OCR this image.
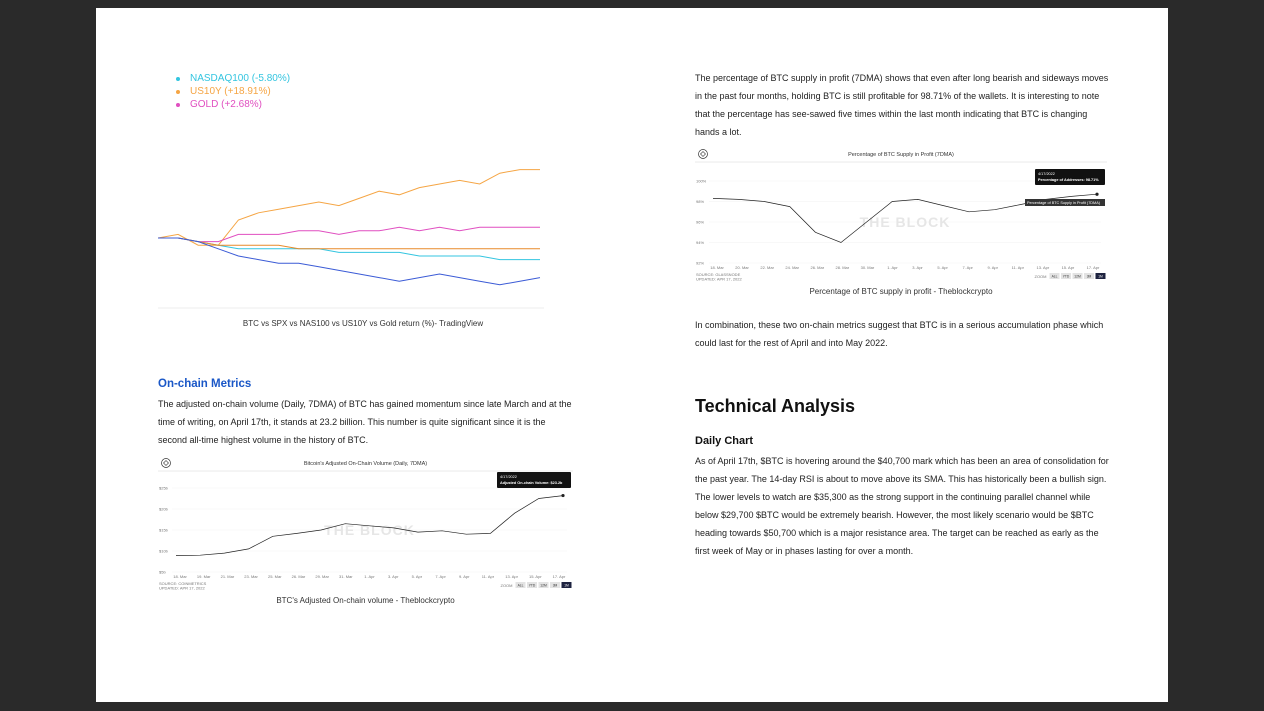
NASDAQ100 (-5.80%)
US10Y (+18.91%)
GOLD (+2.68%)
BTC vs SPX vs NAS100 vs US10Y vs Gold return (%)- TradingView
On-chain Metrics
The adjusted on-chain volume (Daily, 7DMA) of BTC has gained momentum since late March and at the time of writing, on April 17th, it stands at 23.2 billion. This number is quite significant since it is the second all-time highest volume in the history of BTC.
Bitcoin's Adjusted On-Chain Volume (Daily, 7DMA)
$25b
$20b
$15b
$10b
$5b
THE BLOCK
18. Mar	19. Mar	21. Mar	23. Mar	25. Mar	26. Mar	29. Mar	31. Mar	1. Apr	3. Apr	5. Apr	7. Apr	9. Apr	11. Apr	13. Apr	15. Apr	17. Apr
4/17/2022
Adjusted On-chain Volume: $23.2b
SOURCE: COINMETRICS
UPDATED: APR 17, 2022	ZOOM ALL YTD 12M 3M 1M
BTC's Adjusted On-chain volume - Theblockcrypto
The percentage of BTC supply in profit (7DMA) shows that even after long bearish and sideways moves in the past four months, holding BTC is still profitable for 98.71% of the wallets. It is interesting to note that the percentage has see-sawed five times within the last month indicating that BTC is changing hands a lot.
Percentage of BTC Supply in Profit (7DMA)
100%
98%
96%
94%
92%
THE BLOCK
18. Mar	20. Mar	22. Mar	24. Mar	26. Mar	28. Mar	30. Mar	1. Apr	3. Apr	5. Apr	7. Apr	9. Apr	11. Apr	13. Apr	15. Apr	17. Apr
4/17/2022
Percentage of Addresses: 98.71%
Percentage of BTC Supply in Profit (7DMA)
SOURCE: GLASSNODE
UPDATED: APR 17, 2022	ZOOM ALL YTD 12M 3M 1M
Percentage of BTC supply in profit - Theblockcrypto
In combination, these two on-chain metrics suggest that BTC is in a serious accumulation phase which could last for the rest of April and into May 2022.
Technical Analysis
Daily Chart
As of April 17th, $BTC is hovering around the $40,700 mark which has been an area of consolidation for the past year. The 14-day RSI is about to move above its SMA. This has historically been a bullish sign. The lower levels to watch are $35,300 as the strong support in the continuing parallel channel while below $29,700 $BTC would be extremely bearish. However, the most likely scenario would be $BTC heading towards $50,700 which is a major resistance area. The target can be reached as early as the first week of May or in phases lasting for over a month.
